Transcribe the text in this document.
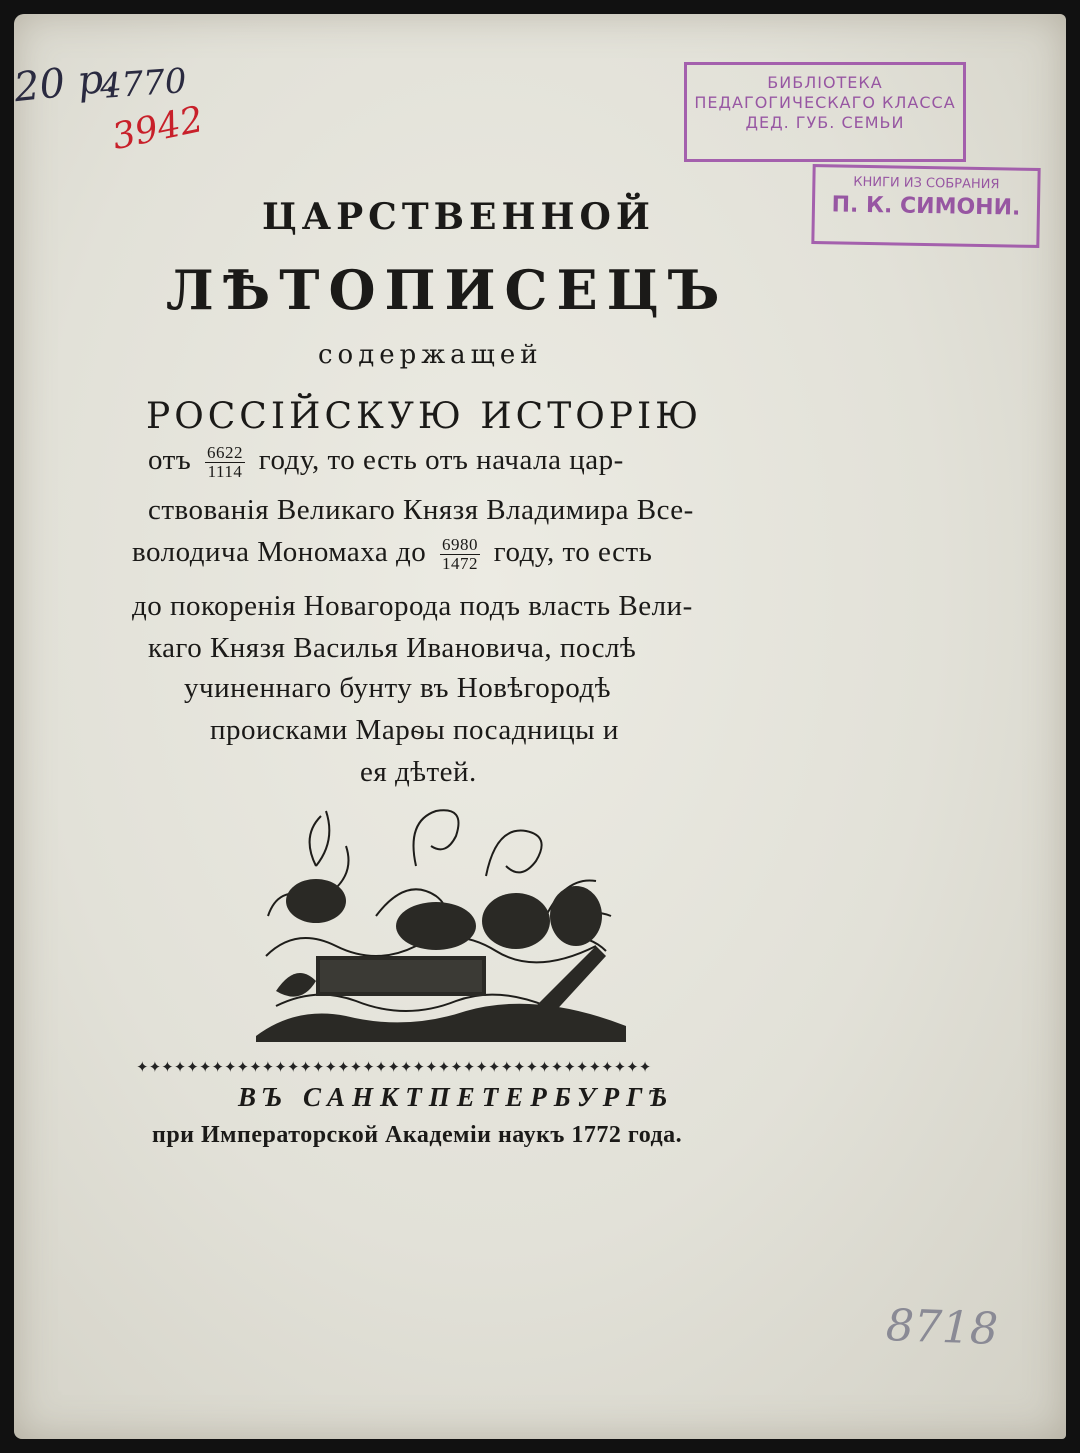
20 р.
4770
3942
8718
БИБЛІОТЕКА
ПЕДАГОГИЧЕСКАГО КЛАССА
ДЕД. ГУБ. СЕМЬИ
КНИГИ ИЗ СОБРАНИЯ
П. К. СИМОНИ.
ЦАРСТВЕННОЙ
ЛѢТОПИСЕЦЪ
содержащей
РОССІЙСКУЮ ИСТОРІЮ
отъ $\frac{6622}{1114}$ году, то есть отъ начала цар-
ствованія Великаго Князя Владимира Все-
володича Мономаха до $\frac{6980}{1472}$ году, то есть
до покоренія Новагорода подъ власть Вели-
каго Князя Василья Ивановича, послѣ
учиненнаго бунту въ Новѣгородѣ
происками Марѳы посадницы и
ея дѣтей.
✦✦✦✦✦✦✦✦✦✦✦✦✦✦✦✦✦✦✦✦✦✦✦✦✦✦✦✦✦✦✦✦✦✦✦✦✦✦✦✦✦
ВЪ САНКТПЕТЕРБУРГѢ
при Императорской Академіи наукъ 1772 года.
